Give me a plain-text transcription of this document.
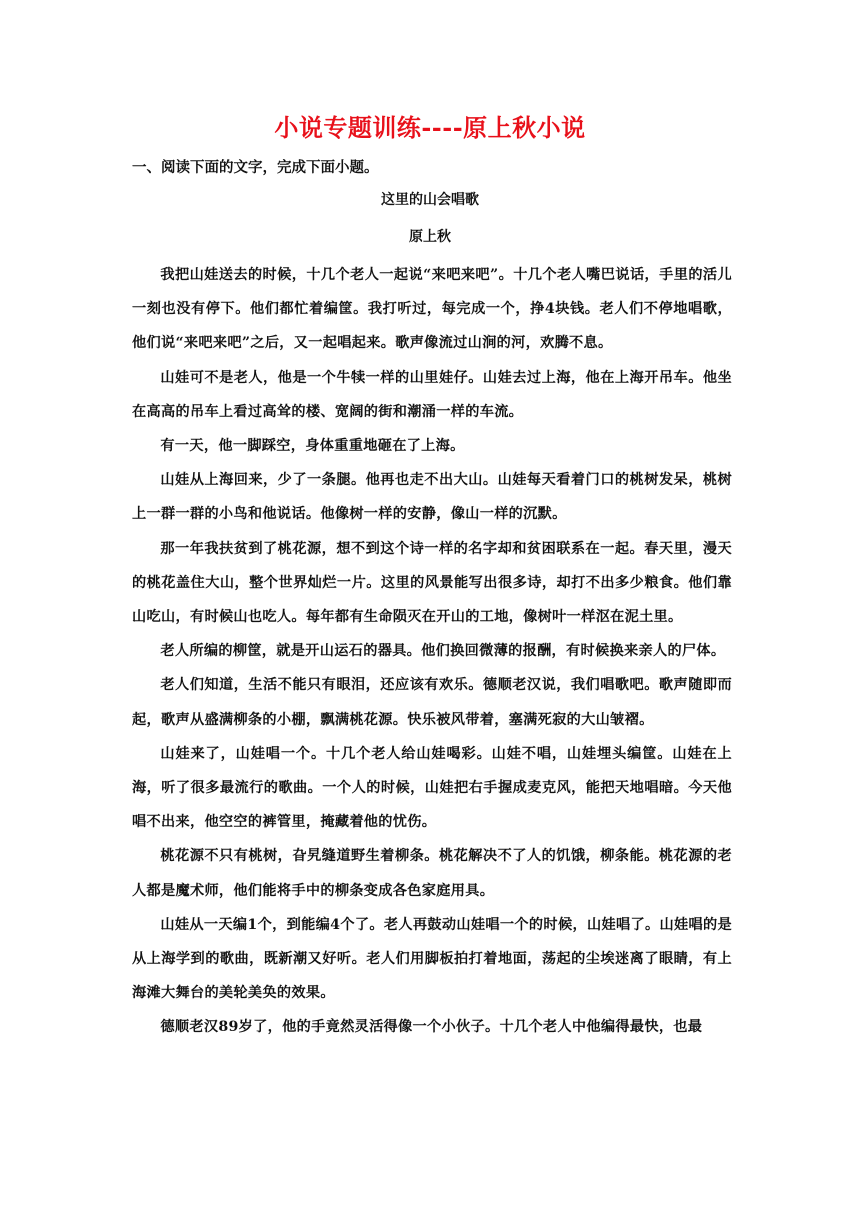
小说专题训练----原上秋小说

一、阅读下面的文字，完成下面小题。

这里的山会唱歌

原上秋

我把山娃送去的时候，十几个老人一起说“来吧来吧”。十几个老人嘴巴说话，手里的活儿一刻也没有停下。他们都忙着编筐。我打听过，每完成一个，挣4块钱。老人们不停地唱歌，他们说“来吧来吧”之后，又一起唱起来。歌声像流过山涧的河，欢腾不息。

山娃可不是老人，他是一个牛犊一样的山里娃仔。山娃去过上海，他在上海开吊车。他坐在高高的吊车上看过高耸的楼、宽阔的街和潮涌一样的车流。

有一天，他一脚踩空，身体重重地砸在了上海。

山娃从上海回来，少了一条腿。他再也走不出大山。山娃每天看着门口的桃树发呆，桃树上一群一群的小鸟和他说话。他像树一样的安静，像山一样的沉默。

那一年我扶贫到了桃花源，想不到这个诗一样的名字却和贫困联系在一起。春天里，漫天的桃花盖住大山，整个世界灿烂一片。这里的风景能写出很多诗，却打不出多少粮食。他们靠山吃山，有时候山也吃人。每年都有生命陨灭在开山的工地，像树叶一样沤在泥土里。

老人所编的柳筐，就是开山运石的器具。他们换回微薄的报酬，有时候换来亲人的尸体。

老人们知道，生活不能只有眼泪，还应该有欢乐。德顺老汉说，我们唱歌吧。歌声随即而起，歌声从盛满柳条的小棚，飘满桃花源。快乐被风带着，塞满死寂的大山皱褶。

山娃来了，山娃唱一个。十几个老人给山娃喝彩。山娃不唱，山娃埋头编筐。山娃在上海，听了很多最流行的歌曲。一个人的时候，山娃把右手握成麦克风，能把天地唱暗。今天他唱不出来，他空空的裤管里，掩藏着他的忧伤。

桃花源不只有桃树，旮旯缝道野生着柳条。桃花解决不了人的饥饿，柳条能。桃花源的老人都是魔术师，他们能将手中的柳条变成各色家庭用具。

山娃从一天编1个，到能编4个了。老人再鼓动山娃唱一个的时候，山娃唱了。山娃唱的是从上海学到的歌曲，既新潮又好听。老人们用脚板拍打着地面，荡起的尘埃迷离了眼睛，有上海滩大舞台的美轮美奂的效果。

德顺老汉89岁了，他的手竟然灵活得像一个小伙子。十几个老人中他编得最快，也最
